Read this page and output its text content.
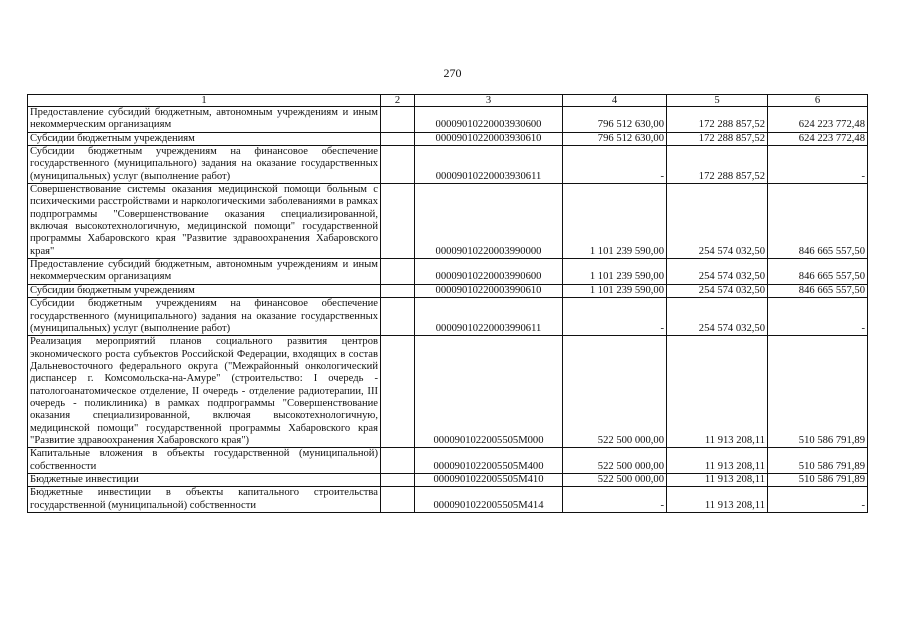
270
1	2	3	4	5	6
Предоставление субсидий бюджетным, автономным учреждениям и иным некоммерческим организациям		00009010220003930600	796 512 630,00	172 288 857,52	624 223 772,48
Субсидии бюджетным учреждениям		00009010220003930610	796 512 630,00	172 288 857,52	624 223 772,48
Субсидии бюджетным учреждениям на финансовое обеспечение государственного (муниципального) задания на оказание государственных (муниципальных) услуг (выполнение работ)		00009010220003930611	-	172 288 857,52	-
Совершенствование системы оказания медицинской помощи больным с психическими расстройствами и наркологическими заболеваниями в рамках подпрограммы "Совершенствование оказания специализированной, включая высокотехнологичную, медицинской помощи" государственной программы Хабаровского края "Развитие здравоохранения Хабаровского края"		00009010220003990000	1 101 239 590,00	254 574 032,50	846 665 557,50
Предоставление субсидий бюджетным, автономным учреждениям и иным некоммерческим организациям		00009010220003990600	1 101 239 590,00	254 574 032,50	846 665 557,50
Субсидии бюджетным учреждениям		00009010220003990610	1 101 239 590,00	254 574 032,50	846 665 557,50
Субсидии бюджетным учреждениям на финансовое обеспечение государственного (муниципального) задания на оказание государственных (муниципальных) услуг (выполнение работ)		00009010220003990611	-	254 574 032,50	-
Реализация мероприятий планов социального развития центров экономического роста субъектов Российской Федерации, входящих в состав Дальневосточного федерального округа ("Межрайонный онкологический диспансер г. Комсомольска-на-Амуре" (строительство: I очередь - патологоанатомическое отделение, II очередь - отделение радиотерапии, III очередь - поликлиника) в рамках подпрограммы "Совершенствование оказания специализированной, включая высокотехнологичную, медицинской помощи" государственной программы Хабаровского края "Развитие здравоохранения Хабаровского края")		0000901022005505М000	522 500 000,00	11 913 208,11	510 586 791,89
Капитальные вложения в объекты государственной (муниципальной) собственности		0000901022005505М400	522 500 000,00	11 913 208,11	510 586 791,89
Бюджетные инвестиции		0000901022005505М410	522 500 000,00	11 913 208,11	510 586 791,89
Бюджетные инвестиции в объекты капитального строительства государственной (муниципальной) собственности		0000901022005505М414	-	11 913 208,11	-
